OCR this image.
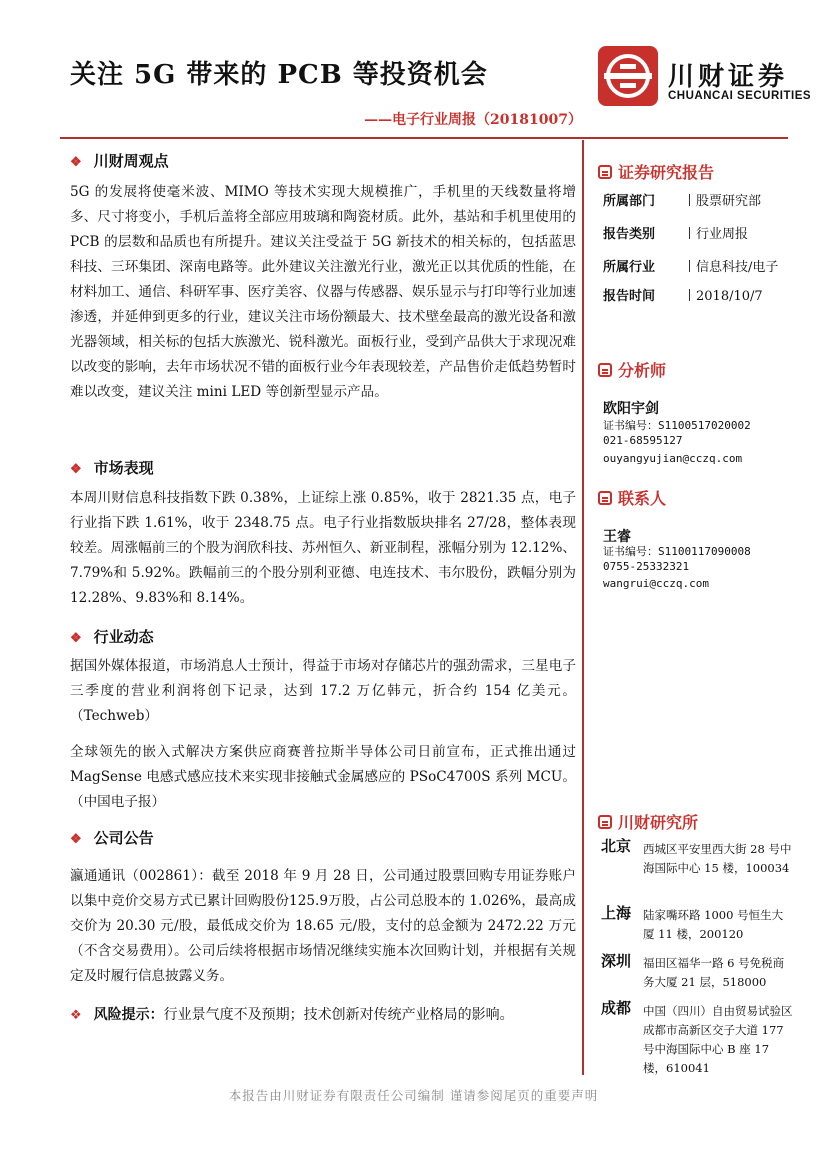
关注 5G 带来的 PCB 等投资机会
——电子行业周报（20181007）
川财证券
CHUANCAI SECURITIES
❖ 川财周观点
5G 的发展将使毫米波、MIMO 等技术实现大规模推广，手机里的天线数量将增多、尺寸将变小，手机后盖将全部应用玻璃和陶瓷材质。此外，基站和手机里使用的 PCB 的层数和品质也有所提升。建议关注受益于 5G 新技术的相关标的，包括蓝思科技、三环集团、深南电路等。此外建议关注激光行业，激光正以其优质的性能，在材料加工、通信、科研军事、医疗美容、仪器与传感器、娱乐显示与打印等行业加速渗透，并延伸到更多的行业，建议关注市场份额最大、技术壁垒最高的激光设备和激光器领域，相关标的包括大族激光、锐科激光。面板行业，受到产品供大于求现况难以改变的影响，去年市场状况不错的面板行业今年表现较差，产品售价走低趋势暂时难以改变，建议关注 mini LED 等创新型显示产品。
❖ 市场表现
本周川财信息科技指数下跌 0.38%，上证综上涨 0.85%，收于 2821.35 点，电子行业指下跌 1.61%，收于 2348.75 点。电子行业指数版块排名 27/28，整体表现较差。周涨幅前三的个股为润欣科技、苏州恒久、新亚制程，涨幅分别为 12.12%、7.79%和 5.92%。跌幅前三的个股分别利亚德、电连技术、韦尔股份，跌幅分别为 12.28%、9.83%和 8.14%。
❖ 行业动态
据国外媒体报道，市场消息人士预计，得益于市场对存储芯片的强劲需求，三星电子三季度的营业利润将创下记录，达到 17.2 万亿韩元，折合约 154 亿美元。（Techweb）
全球领先的嵌入式解决方案供应商赛普拉斯半导体公司日前宣布，正式推出通过 MagSense 电感式感应技术来实现非接触式金属感应的 PSoC4700S 系列 MCU。（中国电子报）
❖ 公司公告
瀛通通讯（002861）：截至 2018 年 9 月 28 日，公司通过股票回购专用证券账户以集中竞价交易方式已累计回购股份125.9万股，占公司总股本的 1.026%，最高成交价为 20.30 元/股，最低成交价为 18.65 元/股，支付的总金额为 2472.22 万元（不含交易费用）。公司后续将根据市场情况继续实施本次回购计划，并根据有关规定及时履行信息披露义务。
❖ 风险提示：行业景气度不及预期；技术创新对传统产业格局的影响。
证券研究报告
所属部门	股票研究部
报告类别	行业周报
所属行业	信息科技/电子
报告时间	2018/10/7
分析师
欧阳宇剑
证书编号：S1100517020002
021-68595127
ouyangyujian@cczq.com
联系人
王睿
证书编号：S1100117090008
0755-25332321
wangrui@cczq.com
川财研究所
北京 西城区平安里西大街 28 号中海国际中心 15 楼，100034
上海 陆家嘴环路 1000 号恒生大厦 11 楼，200120
深圳 福田区福华一路 6 号免税商务大厦 21 层，518000
成都 中国（四川）自由贸易试验区成都市高新区交子大道 177 号中海国际中心 B 座 17 楼，610041
本报告由川财证券有限责任公司编制 谨请参阅尾页的重要声明
